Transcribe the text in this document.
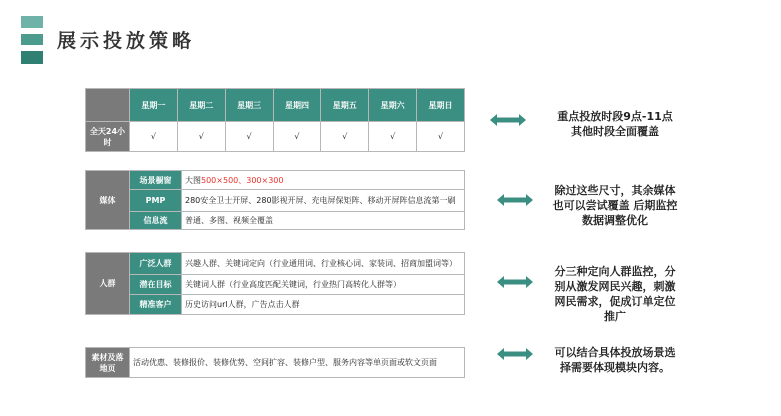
展示投放策略
	星期一	星期二	星期三	星期四	星期五	星期六	星期日
全天24小时	√	√	√	√	√	√	√
媒体	场景橱窗	大图500×500、300×300
	PMP	280安全卫士开屏、280影视开屏、充电屏保矩阵、移动开屏阵信息流第一刷
	信息流	普通、多图、视频全覆盖
人群	广泛人群	兴趣人群、关键词定向（行业通用词、行业核心词、家装词、招商加盟词等）
	潜在目标	关键词人群（行业高度匹配关键词，行业热门高转化人群等）
	精准客户	历史访问url人群，广告点击人群
素材及落地页	活动优惠、装修报价、装修优势、空间扩容、装修户型、服务内容等单页面或软文页面
重点投放时段9点-11点
其他时段全面覆盖
除过这些尺寸，其余媒体
也可以尝试覆盖 后期监控
数据调整优化
分三种定向人群监控，分
别从激发网民兴趣，刺激
网民需求，促成订单定位
推广
可以结合具体投放场景选
择需要体现模块内容。
